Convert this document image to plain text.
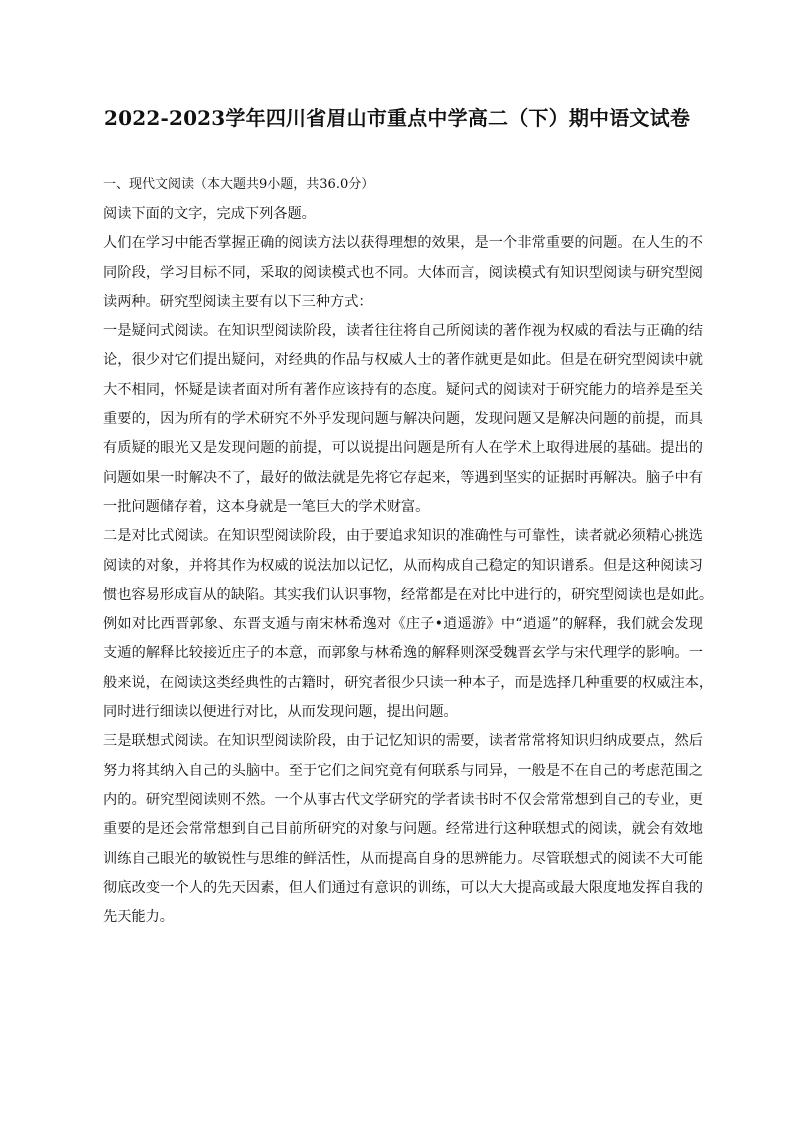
2022-2023学年四川省眉山市重点中学高二（下）期中语文试卷

一、现代文阅读（本大题共9小题，共36.0分）

阅读下面的文字，完成下列各题。

人们在学习中能否掌握正确的阅读方法以获得理想的效果，是一个非常重要的问题。在人生的不

同阶段，学习目标不同，采取的阅读模式也不同。大体而言，阅读模式有知识型阅读与研究型阅

读两种。研究型阅读主要有以下三种方式：

一是疑问式阅读。在知识型阅读阶段，读者往往将自己所阅读的著作视为权威的看法与正确的结

论，很少对它们提出疑问，对经典的作品与权威人士的著作就更是如此。但是在研究型阅读中就

大不相同，怀疑是读者面对所有著作应该持有的态度。疑问式的阅读对于研究能力的培养是至关

重要的，因为所有的学术研究不外乎发现问题与解决问题，发现问题又是解决问题的前提，而具

有质疑的眼光又是发现问题的前提，可以说提出问题是所有人在学术上取得进展的基础。提出的

问题如果一时解决不了，最好的做法就是先将它存起来，等遇到坚实的证据时再解决。脑子中有

一批问题储存着，这本身就是一笔巨大的学术财富。

二是对比式阅读。在知识型阅读阶段，由于要追求知识的准确性与可靠性，读者就必须精心挑选

阅读的对象，并将其作为权威的说法加以记忆，从而构成自己稳定的知识谱系。但是这种阅读习

惯也容易形成盲从的缺陷。其实我们认识事物，经常都是在对比中进行的，研究型阅读也是如此。

例如对比西晋郭象、东晋支遁与南宋林希逸对《庄子•逍遥游》中“逍遥”的解释，我们就会发现

支遁的解释比较接近庄子的本意，而郭象与林希逸的解释则深受魏晋玄学与宋代理学的影响。一

般来说，在阅读这类经典性的古籍时，研究者很少只读一种本子，而是选择几种重要的权威注本，

同时进行细读以便进行对比，从而发现问题，提出问题。

三是联想式阅读。在知识型阅读阶段，由于记忆知识的需要，读者常常将知识归纳成要点，然后

努力将其纳入自己的头脑中。至于它们之间究竟有何联系与同异，一般是不在自己的考虑范围之

内的。研究型阅读则不然。一个从事古代文学研究的学者读书时不仅会常常想到自己的专业，更

重要的是还会常常想到自己目前所研究的对象与问题。经常进行这种联想式的阅读，就会有效地

训练自己眼光的敏锐性与思维的鲜活性，从而提高自身的思辨能力。尽管联想式的阅读不大可能

彻底改变一个人的先天因素，但人们通过有意识的训练，可以大大提高或最大限度地发挥自我的

先天能力。
